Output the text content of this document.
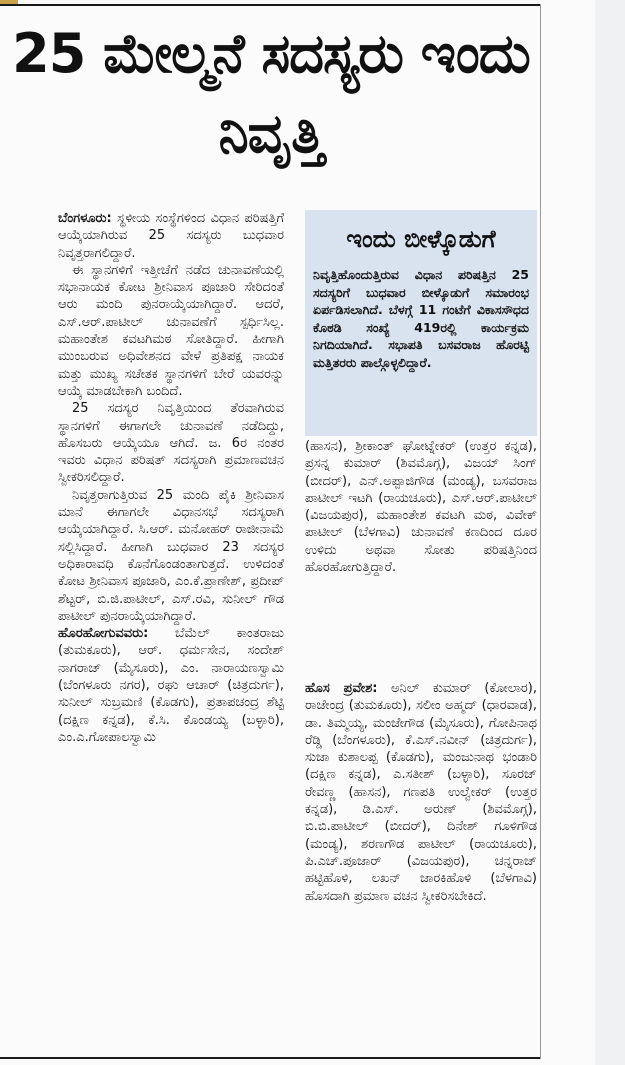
25 ಮೇಲ್ಮನೆ ಸದಸ್ಯರು ಇಂದು ನಿವೃತ್ತಿ

ಬೆಂಗಳೂರು: ಸ್ಥಳೀಯ ಸಂಸ್ಥೆಗಳಿಂದ ವಿಧಾನ ಪರಿಷತ್ತಿಗೆ ಆಯ್ಕೆಯಾಗಿರುವ 25 ಸದಸ್ಯರು ಬುಧವಾರ ನಿವೃತ್ತರಾಗಲಿದ್ದಾರೆ.

ಈ ಸ್ಥಾನಗಳಿಗೆ ಇತ್ತೀಚೆಗೆ ನಡೆದ ಚುನಾವಣೆಯಲ್ಲಿ ಸಭಾನಾಯಕ ಕೋಟ ಶ್ರೀನಿವಾಸ ಪೂಜಾರಿ ಸೇರಿದಂತೆ ಆರು ಮಂದಿ ಪುನರಾಯ್ಕೆಯಾಗಿದ್ದಾರೆ. ಆದರೆ, ಎಸ್.ಆರ್.ಪಾಟೀಲ್ ಚುನಾವಣೆಗೆ ಸ್ಪರ್ಧಿಸಿಲ್ಲ. ಮಹಾಂತೇಶ ಕವಟಗಿಮಠ ಸೋತಿದ್ದಾರೆ. ಹೀಗಾಗಿ ಮುಂಬರುವ ಅಧಿವೇಶನದ ವೇಳೆ ಪ್ರತಿಪಕ್ಷ ನಾಯಕ ಮತ್ತು ಮುಖ್ಯ ಸಚೇತಕ ಸ್ಥಾನಗಳಿಗೆ ಬೇರೆ ಯವರನ್ನು ಆಯ್ಕೆ ಮಾಡಬೇಕಾಗಿ ಬಂದಿದೆ.

25 ಸದಸ್ಯರ ನಿವೃತ್ತಿಯಿಂದ ತೆರವಾಗಿರುವ ಸ್ಥಾನಗಳಿಗೆ ಈಗಾಗಲೇ ಚುನಾವಣೆ ನಡೆದಿದ್ದು, ಹೊಸಬರು ಆಯ್ಕೆಯೂ ಆಗಿದೆ. ಜ. 6ರ ನಂತರ ಇವರು ವಿಧಾನ ಪರಿಷತ್ ಸದಸ್ಯರಾಗಿ ಪ್ರಮಾಣವಚನ ಸ್ವೀಕರಿಸಲಿದ್ದಾರೆ.

ನಿವೃತ್ತರಾಗುತ್ತಿರುವ 25 ಮಂದಿ ಪೈಕಿ ಶ್ರೀನಿವಾಸ ಮಾನೆ ಈಗಾಗಲೇ ವಿಧಾನಸಭೆ ಸದಸ್ಯರಾಗಿ ಆಯ್ಕೆಯಾಗಿದ್ದಾರೆ. ಸಿ.ಆರ್. ಮನೋಹರ್ ರಾಜೀನಾಮೆ ಸಲ್ಲಿಸಿದ್ದಾರೆ. ಹೀಗಾಗಿ ಬುಧವಾರ 23 ಸದಸ್ಯರ ಅಧಿಕಾರಾವಧಿ ಕೊನೆಗೊಂಡಂತಾಗುತ್ತದೆ. ಉಳಿದಂತೆ ಕೋಟ ಶ್ರೀನಿವಾಸ ಪೂಜಾರಿ, ಎಂ.ಕೆ.ಪ್ರಾಣೇಶ್, ಪ್ರದೀಪ್ ಶೆಟ್ಟರ್, ಬಿ.ಜಿ.ಪಾಟೀಲ್, ಎಸ್.ರವಿ, ಸುನೀಲ್ ಗೌಡ ಪಾಟೀಲ್ ಪುನರಾಯ್ಕೆಯಾಗಿದ್ದಾರೆ.

ಹೊರಹೋಗುವವರು: ಬೆಮೆಲ್ ಕಾಂತರಾಜು (ತುಮಕೂರು), ಆರ್. ಧರ್ಮಸೇನ, ಸಂದೇಶ್ ನಾಗರಾಜ್ (ಮೈಸೂರು), ಎಂ. ನಾರಾಯಣಸ್ವಾಮಿ (ಬೆಂಗಳೂರು ನಗರ), ರಘು ಆಚಾರ್ (ಚಿತ್ರದುರ್ಗ), ಸುನೀಲ್ ಸುಬ್ರಮಣಿ (ಕೊಡಗು), ಪ್ರತಾಪಚಂದ್ರ ಶೆಟ್ಟಿ (ದಕ್ಷಿಣ ಕನ್ನಡ), ಕೆ.ಸಿ. ಕೊಂಡಯ್ಯ (ಬಳ್ಳಾರಿ), ಎಂ.ಎ.ಗೋಪಾಲಸ್ವಾಮಿ

ಇಂದು ಬೀಳ್ಕೊಡುಗೆ

ನಿವೃತ್ತಿಹೊಂದುತ್ತಿರುವ ವಿಧಾನ ಪರಿಷತ್ತಿನ 25 ಸದಸ್ಯರಿಗೆ ಬುಧವಾರ ಬೀಳ್ಕೊಡುಗೆ ಸಮಾರಂಭ ಏರ್ಪಡಿಸಲಾಗಿದೆ. ಬೆಳಗ್ಗೆ 11 ಗಂಟೆಗೆ ವಿಕಾಸಸೌಧದ ಕೊಠಡಿ ಸಂಖ್ಯೆ 419ರಲ್ಲಿ ಕಾರ್ಯಕ್ರಮ ನಿಗದಿಯಾಗಿದೆ. ಸಭಾಪತಿ ಬಸವರಾಜ ಹೊರಟ್ಟಿ ಮತ್ತಿತರರು ಪಾಲ್ಗೊಳ್ಳಲಿದ್ದಾರೆ.

(ಹಾಸನ), ಶ್ರೀಕಾಂತ್ ಘೋಟ್ನೇಕರ್ (ಉತ್ತರ ಕನ್ನಡ), ಪ್ರಸನ್ನ ಕುಮಾರ್ (ಶಿವಮೊಗ್ಗ), ವಿಜಯ್ ಸಿಂಗ್ (ಬೀದರ್), ಎನ್.ಅಪ್ಪಾಜಿಗೌಡ (ಮಂಡ್ಯ), ಬಸವರಾಜ ಪಾಟೀಲ್ ಇಟಗಿ (ರಾಯಚೂರು), ಎಸ್.ಆರ್.ಪಾಟೀಲ್ (ವಿಜಯಪುರ), ಮಹಾಂತೇಶ ಕವಟಗಿ ಮಠ, ವಿವೇಕ್ ಪಾಟೀಲ್ (ಬೆಳಗಾವಿ) ಚುನಾವಣೆ ಕಣದಿಂದ ದೂರ ಉಳಿದು ಅಥವಾ ಸೋತು ಪರಿಷತ್ತಿನಿಂದ ಹೊರಹೋಗುತ್ತಿದ್ದಾರೆ.

ಹೊಸ ಪ್ರವೇಶ: ಅನಿಲ್ ಕುಮಾರ್ (ಕೋಲಾರ), ರಾಜೇಂದ್ರ (ತುಮಕೂರು), ಸಲೀಂ ಅಹ್ಮದ್ (ಧಾರವಾಡ), ಡಾ. ತಿಮ್ಮಯ್ಯ, ಮಂಜೇಗೌಡ (ಮೈಸೂರು), ಗೋಪಿನಾಥ ರೆಡ್ಡಿ (ಬೆಂಗಳೂರು), ಕೆ.ಎಸ್.ನವೀನ್ (ಚಿತ್ರದುರ್ಗ), ಸುಜಾ ಕುಶಾಲಪ್ಪ (ಕೊಡಗು), ಮಂಜುನಾಥ ಭಂಡಾರಿ (ದಕ್ಷಿಣ ಕನ್ನಡ), ಎ.ಸತೀಶ್ (ಬಳ್ಳಾರಿ), ಸೂರಜ್ ರೇವಣ್ಣ (ಹಾಸನ), ಗಣಪತಿ ಉಲ್ವೇಕರ್ (ಉತ್ತರ ಕನ್ನಡ), ಡಿ.ಎಸ್. ಅರುಣ್ (ಶಿವಮೊಗ್ಗ), ಬಿ.ಬಿ.ಪಾಟೀಲ್ (ಬೀದರ್), ದಿನೇಶ್ ಗೂಳಿಗೌಡ (ಮಂಡ್ಯ), ಶರಣಗೌಡ ಪಾಟೀಲ್ (ರಾಯಚೂರು), ಪಿ.ಎಚ್.ಪೂಜಾರ್ (ವಿಜಯಪುರ), ಚನ್ನರಾಜ್ ಹಟ್ಟಿಹೊಳಿ, ಲಖನ್ ಜಾರಕಿಹೊಳಿ (ಬೆಳಗಾವಿ) ಹೊಸದಾಗಿ ಪ್ರಮಾಣ ವಚನ ಸ್ವೀಕರಿಸಬೇಕಿದೆ.
